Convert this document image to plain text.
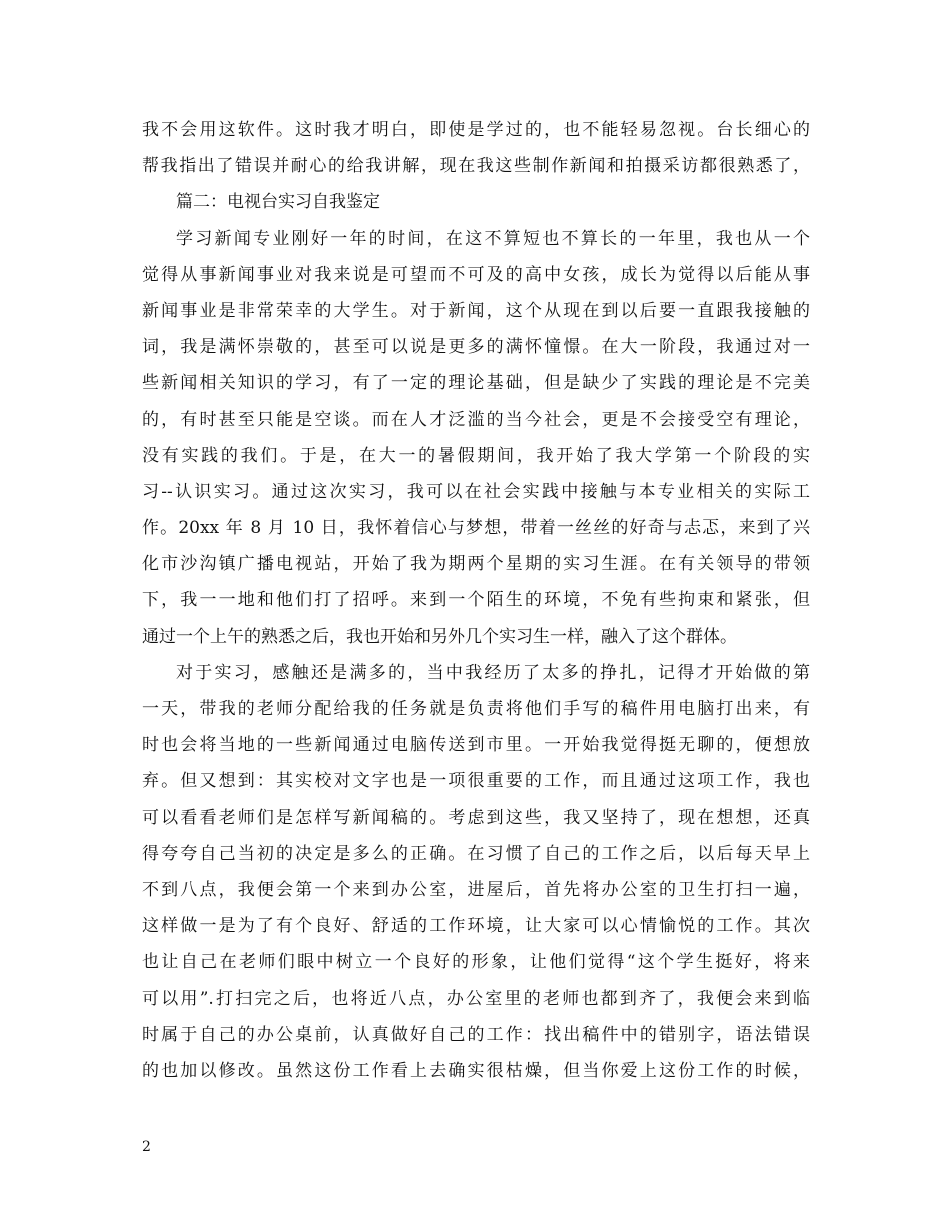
我不会用这软件。这时我才明白，即使是学过的，也不能轻易忽视。台长细心的
帮我指出了错误并耐心的给我讲解，现在我这些制作新闻和拍摄采访都很熟悉了，
篇二：电视台实习自我鉴定
学习新闻专业刚好一年的时间，在这不算短也不算长的一年里，我也从一个
觉得从事新闻事业对我来说是可望而不可及的高中女孩，成长为觉得以后能从事
新闻事业是非常荣幸的大学生。对于新闻，这个从现在到以后要一直跟我接触的
词，我是满怀崇敬的，甚至可以说是更多的满怀憧憬。在大一阶段，我通过对一
些新闻相关知识的学习，有了一定的理论基础，但是缺少了实践的理论是不完美
的，有时甚至只能是空谈。而在人才泛滥的当今社会，更是不会接受空有理论，
没有实践的我们。于是，在大一的暑假期间，我开始了我大学第一个阶段的实
习--认识实习。通过这次实习，我可以在社会实践中接触与本专业相关的实际工
作。20xx 年 8 月 10 日，我怀着信心与梦想，带着一丝丝的好奇与忐忑，来到了兴
化市沙沟镇广播电视站，开始了我为期两个星期的实习生涯。在有关领导的带领
下，我一一地和他们打了招呼。来到一个陌生的环境，不免有些拘束和紧张，但
通过一个上午的熟悉之后，我也开始和另外几个实习生一样，融入了这个群体。
对于实习，感触还是满多的，当中我经历了太多的挣扎，记得才开始做的第
一天，带我的老师分配给我的任务就是负责将他们手写的稿件用电脑打出来，有
时也会将当地的一些新闻通过电脑传送到市里。一开始我觉得挺无聊的，便想放
弃。但又想到：其实校对文字也是一项很重要的工作，而且通过这项工作，我也
可以看看老师们是怎样写新闻稿的。考虑到这些，我又坚持了，现在想想，还真
得夸夸自己当初的决定是多么的正确。在习惯了自己的工作之后，以后每天早上
不到八点，我便会第一个来到办公室，进屋后，首先将办公室的卫生打扫一遍，
这样做一是为了有个良好、舒适的工作环境，让大家可以心情愉悦的工作。其次
也让自己在老师们眼中树立一个良好的形象，让他们觉得“这个学生挺好，将来
可以用”.打扫完之后，也将近八点，办公室里的老师也都到齐了，我便会来到临
时属于自己的办公桌前，认真做好自己的工作：找出稿件中的错别字，语法错误
的也加以修改。虽然这份工作看上去确实很枯燥，但当你爱上这份工作的时候，
2
